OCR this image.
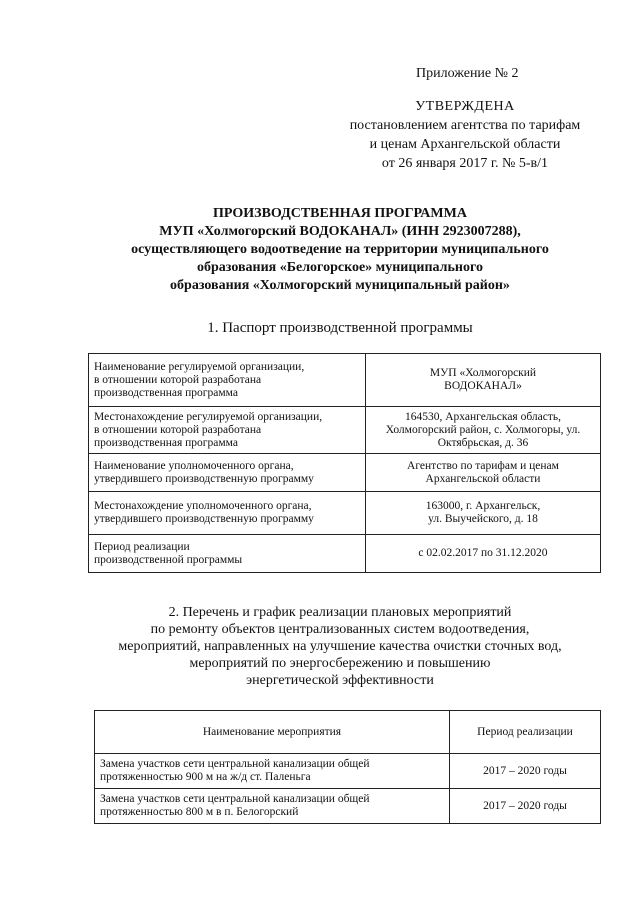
Приложение № 2
УТВЕРЖДЕНА
постановлением агентства по тарифам
и ценам Архангельской области
от 26 января 2017 г. № 5-в/1
ПРОИЗВОДСТВЕННАЯ ПРОГРАММА
МУП «Холмогорский ВОДОКАНАЛ» (ИНН 2923007288),
осуществляющего водоотведение на территории муниципального
образования «Белогорское» муниципального
образования «Холмогорский муниципальный район»
1. Паспорт производственной программы
Наименование регулируемой организации,
в отношении которой разработана
производственная программа	МУП «Холмогорский
ВОДОКАНАЛ»

Местонахождение регулируемой организации,
в отношении которой разработана
производственная программа	164530, Архангельская область,
Холмогорский район, с. Холмогоры, ул.
Октябрьская, д. 36

Наименование уполномоченного органа,
утвердившего производственную программу	Агентство по тарифам и ценам
Архангельской области

Местонахождение уполномоченного органа,
утвердившего производственную программу	163000, г. Архангельск,
ул. Выучейского, д. 18

Период реализации
производственной программы	с 02.02.2017 по 31.12.2020
2. Перечень и график реализации плановых мероприятий
по ремонту объектов централизованных систем водоотведения,
мероприятий, направленных на улучшение качества очистки сточных вод,
мероприятий по энергосбережению и повышению
энергетической эффективности
Наименование мероприятия	Период реализации

Замена участков сети центральной канализации общей
протяженностью 900 м на ж/д ст. Паленьга	2017 – 2020 годы

Замена участков сети центральной канализации общей
протяженностью 800 м в п. Белогорский	2017 – 2020 годы
